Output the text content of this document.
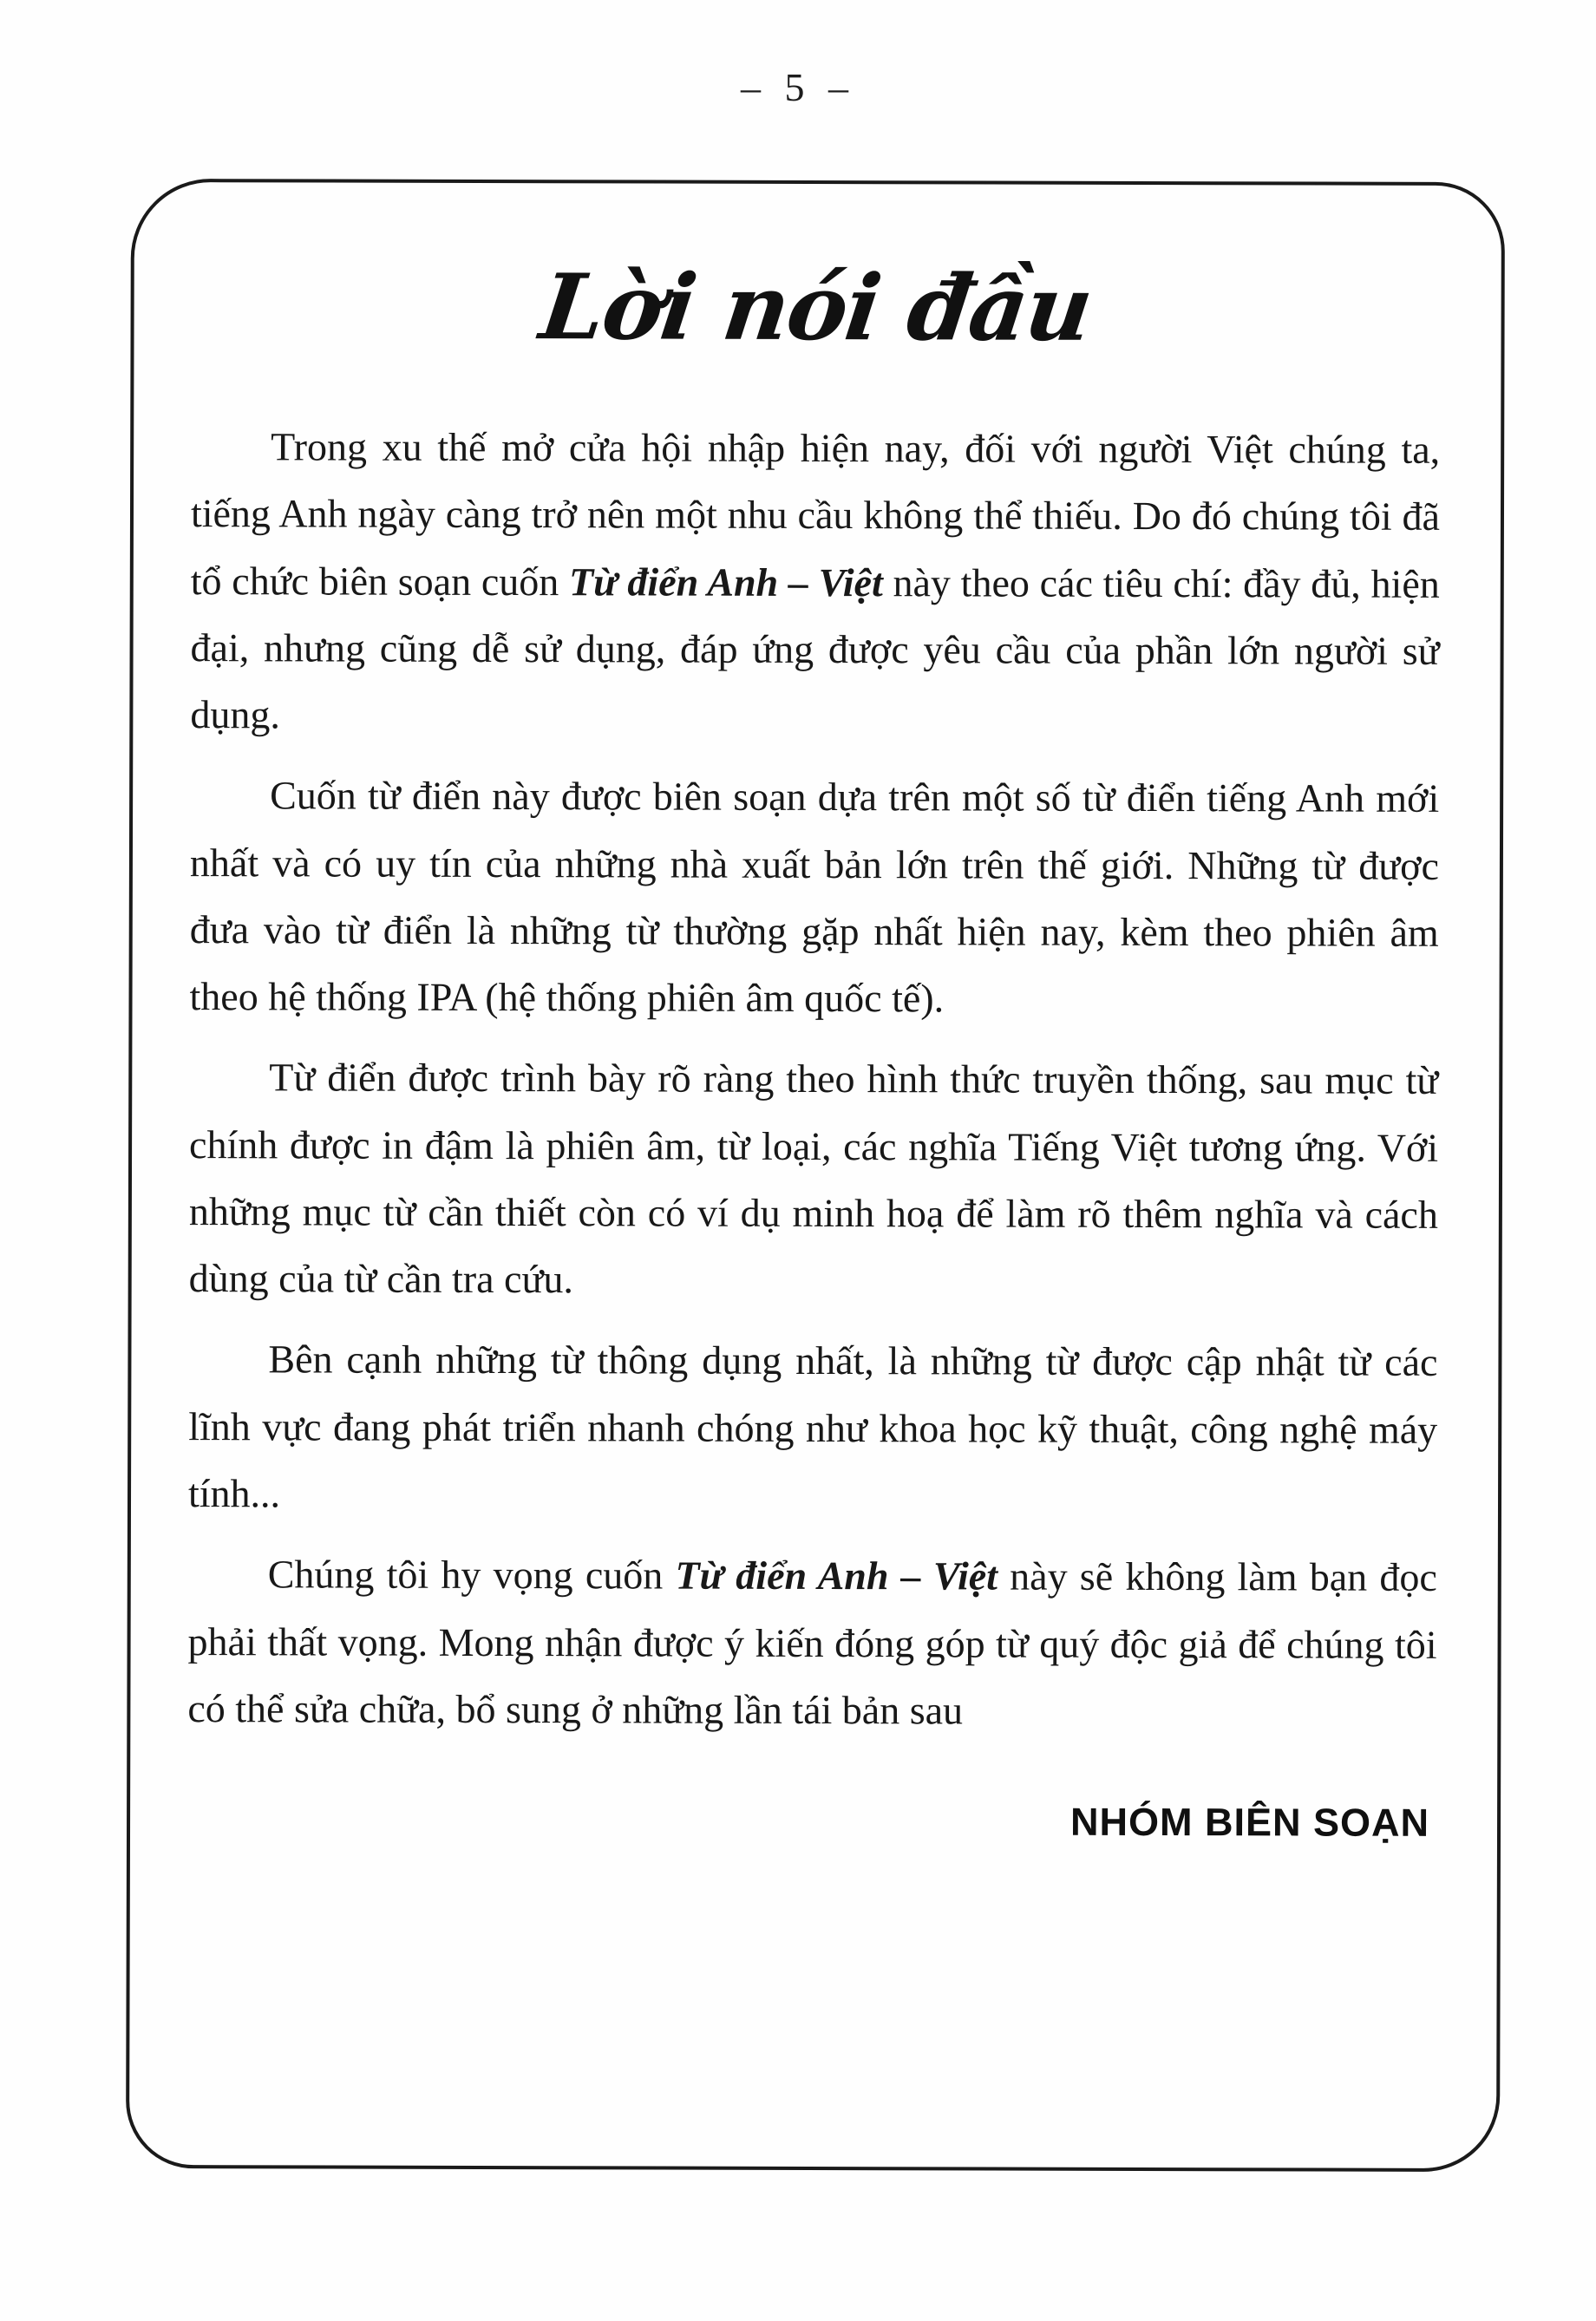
– 5 –
Lời nói đầu

Trong xu thế mở cửa hội nhập hiện nay, đối với người Việt chúng ta, tiếng Anh ngày càng trở nên một nhu cầu không thể thiếu. Do đó chúng tôi đã tổ chức biên soạn cuốn Từ điển Anh – Việt này theo các tiêu chí: đầy đủ, hiện đại, nhưng cũng dễ sử dụng, đáp ứng được yêu cầu của phần lớn người sử dụng.

Cuốn từ điển này được biên soạn dựa trên một số từ điển tiếng Anh mới nhất và có uy tín của những nhà xuất bản lớn trên thế giới. Những từ được đưa vào từ điển là những từ thường gặp nhất hiện nay, kèm theo phiên âm theo hệ thống IPA (hệ thống phiên âm quốc tế).

Từ điển được trình bày rõ ràng theo hình thức truyền thống, sau mục từ chính được in đậm là phiên âm, từ loại, các nghĩa Tiếng Việt tương ứng. Với những mục từ cần thiết còn có ví dụ minh hoạ để làm rõ thêm nghĩa và cách dùng của từ cần tra cứu.

Bên cạnh những từ thông dụng nhất, là những từ được cập nhật từ các lĩnh vực đang phát triển nhanh chóng như khoa học kỹ thuật, công nghệ máy tính...

Chúng tôi hy vọng cuốn Từ điển Anh – Việt này sẽ không làm bạn đọc phải thất vọng. Mong nhận được ý kiến đóng góp từ quý độc giả để chúng tôi có thể sửa chữa, bổ sung ở những lần tái bản sau

NHÓM BIÊN SOẠN
